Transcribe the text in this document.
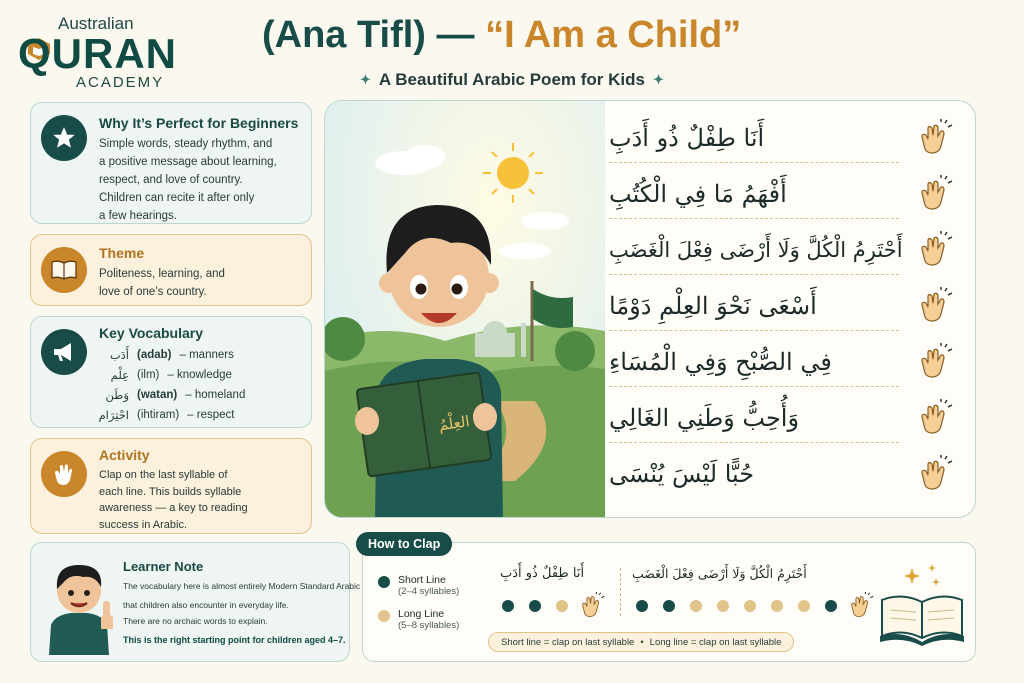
Australian
QURAN
ACADEMY
(Ana Tifl) — “I Am a Child”
✦ A Beautiful Arabic Poem for Kids ✦
Why It’s Perfect for Beginners

Simple words, steady rhythm, and
a positive message about learning,
respect, and love of country.
Children can recite it after only
a few hearings.

Theme

Politeness, learning, and
love of one’s country.

Key Vocabulary
أَدَب (adab) – manners
عِلْم (ilm) – knowledge
وَطَن (watan) – homeland
احْتِرَام (ihtiram) – respect
Activity

Clap on the last syllable of
each line. This builds syllable
awareness — a key to reading
success in Arabic.

Learner Note
The vocabulary here is almost entirely Modern Standard Arabic
that children also encounter in everyday life.
There are no archaic words to explain.
This is the right starting point for children aged 4–7.
العِلْمُ
أَنَا طِفْلٌ ذُو أَدَبِ
أَفْهَمُ مَا فِي الْكُتُبِ
أَحْتَرِمُ الْكُلَّ وَلَا أَرْضَى فِعْلَ الْغَضَبِ
أَسْعَى نَحْوَ العِلْمِ دَوْمًا
فِي الصُّبْحِ وَفِي الْمُسَاءِ
وَأُحِبُّ وَطَنِي الغَالِي
حُبًّا لَيْسَ يُنْسَى
How to Clap
Short Line
(2–4 syllables)
Long Line
(5–8 syllables)
أَنَا طِفْلٌ ذُو أَدَبِ	أَحْتَرِمُ الْكُلَّ وَلَا أَرْضَى فِعْلَ الْغَضَبِ
Short line = clap on last syllable • Long line = clap on last syllable
